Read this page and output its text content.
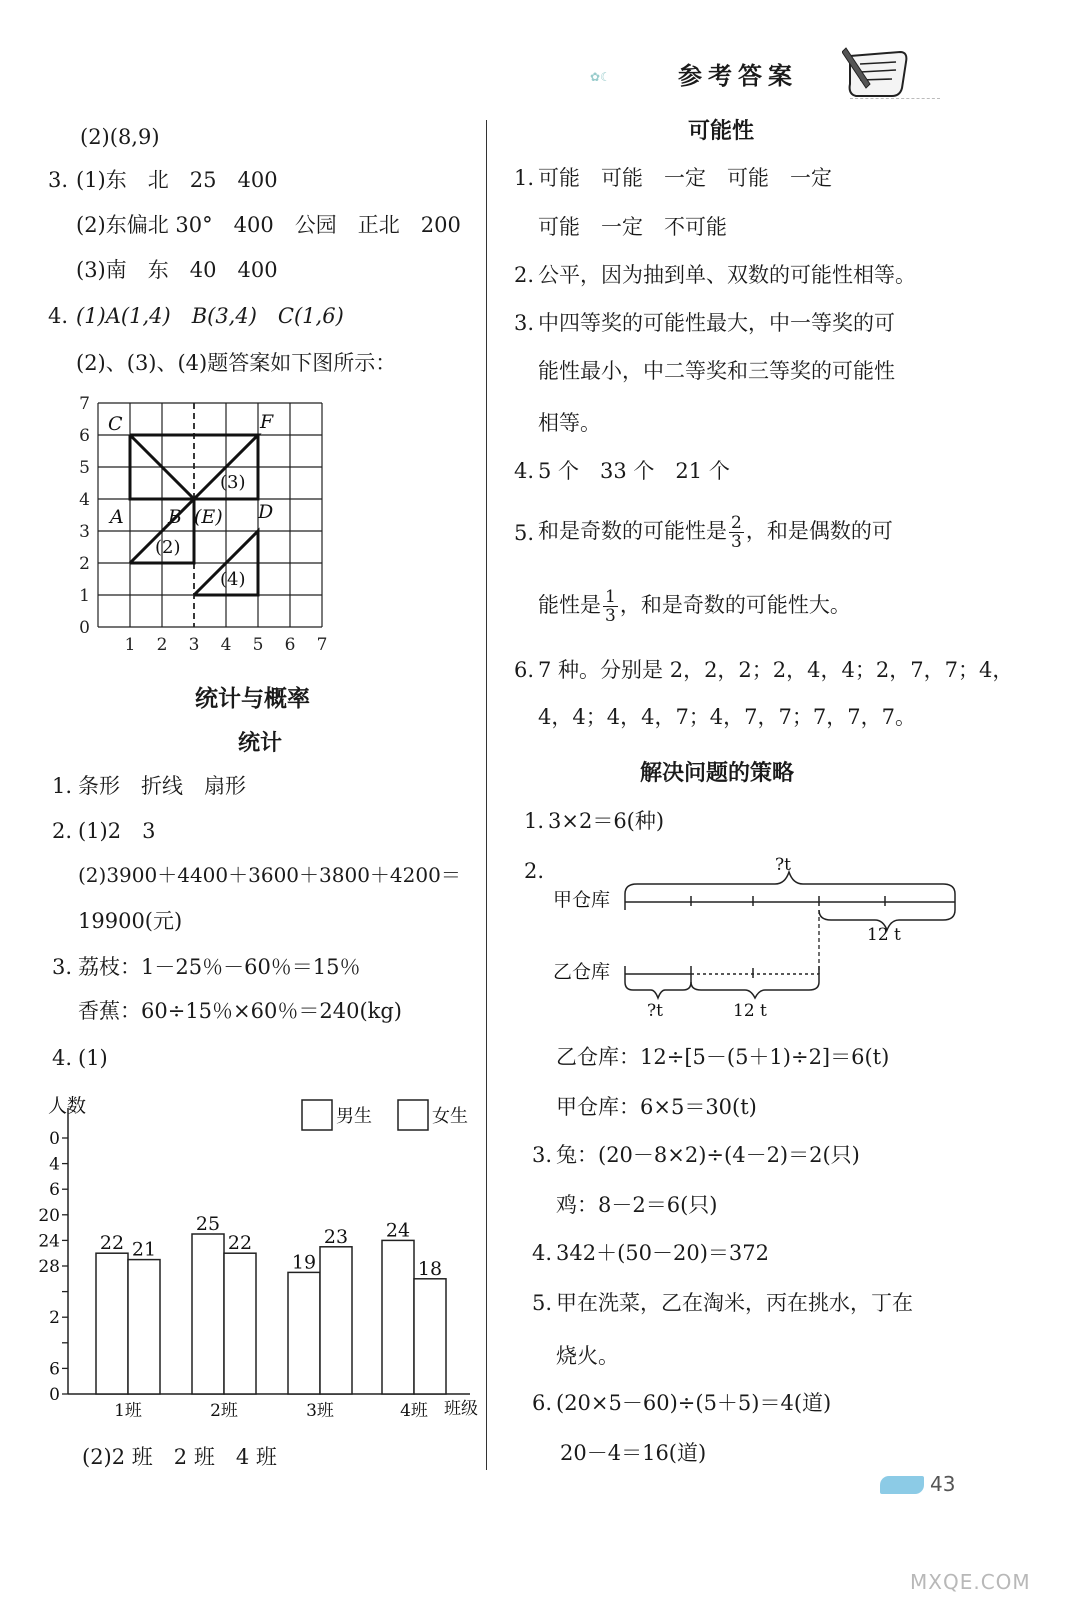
✿☾	参考答案
(2)(8,9)
3. (1)东　北　25　400
(2)东偏北 30°　400　公园　正北　200
(3)南　东　40　400
4. (1)A(1,4)　B(3,4)　C(1,6)
(2)、(3)、(4)题答案如下图所示：
7
6
5
4
3
2
1
0
1 2 3 4 5 6 7
C	F
A B (E) D
(3)
(2)
(4)
统计与概率
统计
1. 条形　折线　扇形
2. (1)2　3
(2)3900＋4400＋3600＋3800＋4200＝
19900(元)
3. 荔枝：1－25％－60％＝15％
香蕉：60÷15％×60％＝240(kg)
4. (1)
人数
班级
男生	女生
0
6
2
28
24
20
6
4
0
22 21
1班
25
22
2班
19
23
3班
24
18
4班
(2)2 班　2 班　4 班
可能性
1. 可能　可能　一定　可能　一定
可能　一定　不可能
2. 公平，因为抽到单、双数的可能性相等。
3. 中四等奖的可能性最大，中一等奖的可
能性最小，中二等奖和三等奖的可能性
相等。
4. 5 个　33 个　21 个
5. 和是奇数的可能性是 $\frac{2}{3}$ ，和是偶数的可
能性是 $\frac{1}{3}$ ，和是奇数的可能性大。
6. 7 种。分别是 2，2，2；2，4，4；2，7，7；4，
4，4；4，4，7；4，7，7；7，7，7。
解决问题的策略
1. 3×2＝6(种)
2.
甲仓库
乙仓库
?t
12 t
?t	12 t
乙仓库：12÷[5－(5＋1)÷2]＝6(t)
甲仓库：6×5＝30(t)
3. 兔：(20－8×2)÷(4－2)＝2(只)
鸡：8－2＝6(只)
4. 342＋(50－20)＝372
5. 甲在洗菜，乙在淘米，丙在挑水，丁在
烧火。
6. (20×5－60)÷(5＋5)＝4(道)
20－4＝16(道)
43
MXQE.COM
